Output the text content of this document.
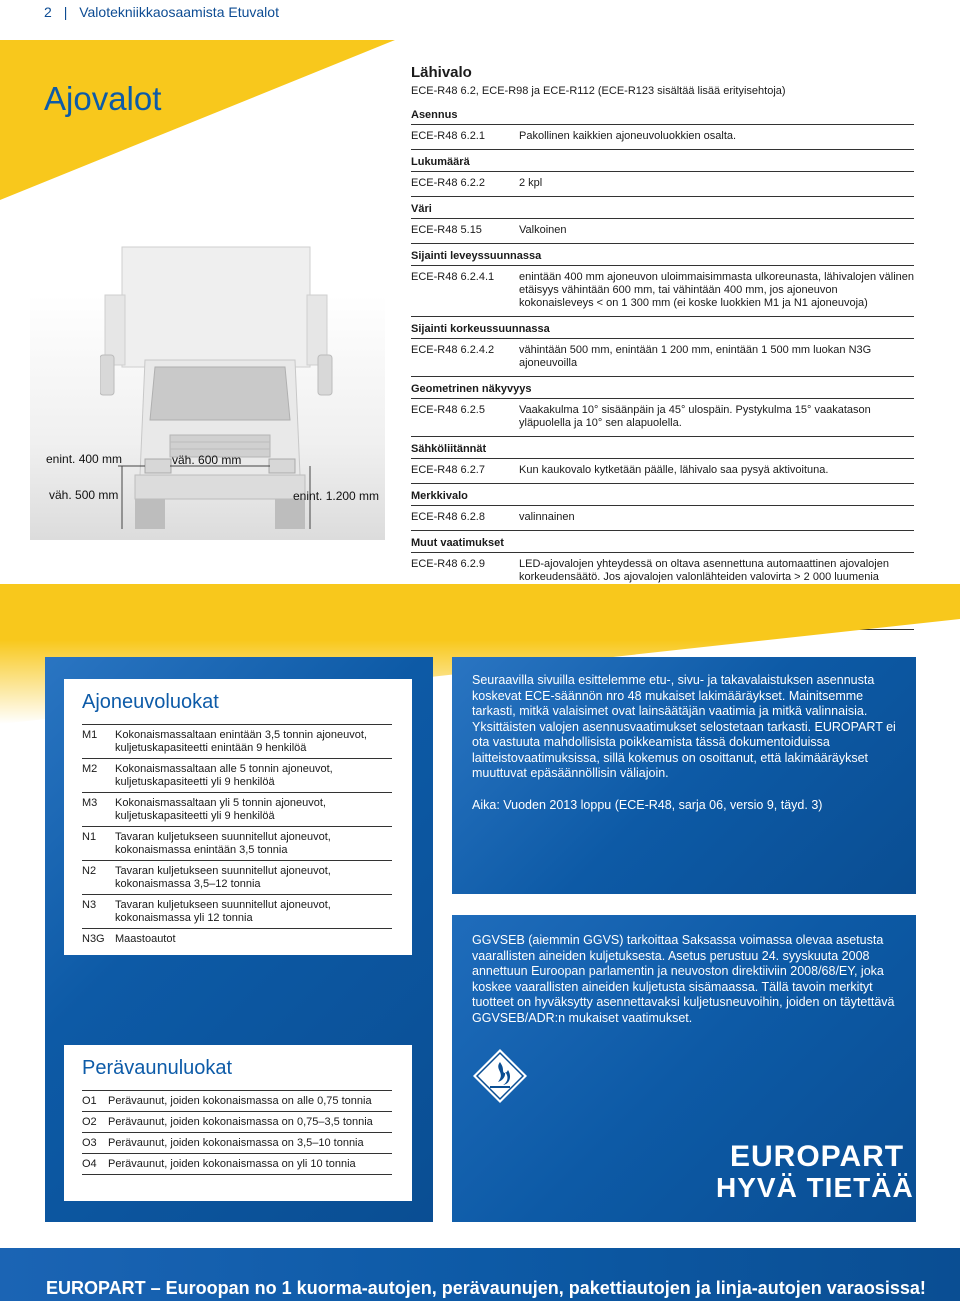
2 | Valotekniikkaosaamista Etuvalot
Ajovalot
enint. 400 mm
väh. 500 mm
väh. 600 mm
enint. 1.200 mm
Lähivalo
ECE-R48 6.2, ECE-R98 ja ECE-R112 (ECE-R123 sisältää lisää erityisehtoja)
Asennus
ECE-R48 6.2.1	Pakollinen kaikkien ajoneuvoluokkien osalta.
Lukumäärä
ECE-R48 6.2.2	2 kpl
Väri
ECE-R48 5.15	Valkoinen
Sijainti leveyssuunnassa
ECE-R48 6.2.4.1	enintään 400 mm ajoneuvon uloimmaisimmasta ulkoreunasta, lähivalojen välinen etäisyys vähintään 600 mm, tai vähintään 400 mm, jos ajoneuvon kokonaisleveys < on 1 300 mm (ei koske luokkien M1 ja N1 ajoneuvoja)
Sijainti korkeussuunnassa
ECE-R48 6.2.4.2	vähintään 500 mm, enintään 1 200 mm, enintään 1 500 mm luokan N3G ajoneuvoilla
Geometrinen näkyvyys
ECE-R48 6.2.5	Vaakakulma 10° sisäänpäin ja 45° ulospäin. Pystykulma 15° vaakatason yläpuolella ja 10° sen alapuolella.
Sähköliitännät
ECE-R48 6.2.7	Kun kaukovalo kytketään päälle, lähivalo saa pysyä aktivoituna.
Merkkivalo
ECE-R48 6.2.8	valinnainen
Muut vaatimukset
ECE-R48 6.2.9	LED-ajovalojen yhteydessä on oltava asennettuna automaattinen ajovalojen korkeudensäätö. Jos ajovalojen valonlähteiden valovirta > 2 000 luumenia
Ajoneuvoluokat
M1	Kokonaismassaltaan enintään 3,5 tonnin ajoneuvot, kuljetuskapasiteetti enintään 9 henkilöä
M2	Kokonaismassaltaan alle 5 tonnin ajoneuvot, kuljetuskapasiteetti yli 9 henkilöä
M3	Kokonaismassaltaan yli 5 tonnin ajoneuvot, kuljetuskapasiteetti yli 9 henkilöä
N1	Tavaran kuljetukseen suunnitellut ajoneuvot, kokonaismassa enintään 3,5 tonnia
N2	Tavaran kuljetukseen suunnitellut ajoneuvot, kokonaismassa 3,5–12 tonnia
N3	Tavaran kuljetukseen suunnitellut ajoneuvot, kokonaismassa yli 12 tonnia
N3G Maastoautot
Perävaunuluokat
O1	Perävaunut, joiden kokonaismassa on alle 0,75 tonnia
O2	Perävaunut, joiden kokonaismassa on 0,75–3,5 tonnia
O3	Perävaunut, joiden kokonaismassa on 3,5–10 tonnia
O4	Perävaunut, joiden kokonaismassa on yli 10 tonnia
Seuraavilla sivuilla esittelemme etu-, sivu- ja takavalaistuksen asennusta koskevat ECE-säännön nro 48 mukaiset lakimääräykset. Mainitsemme tarkasti, mitkä valaisimet ovat lainsäätäjän vaatimia ja mitkä valinnaisia. Yksittäisten valojen asennusvaatimukset selostetaan tarkasti. EUROPART ei ota vastuuta mahdollisista poikkeamista tässä dokumentoiduissa laitteistovaatimuksissa, sillä kokemus on osoittanut, että lakimääräykset muuttuvat epäsäännöllisin väliajoin.
Aika: Vuoden 2013 loppu (ECE-R48, sarja 06, versio 9, täyd. 3)
GGVSEB (aiemmin GGVS) tarkoittaa Saksassa voimassa olevaa asetusta vaarallisten aineiden kuljetuksesta. Asetus perustuu 24. syyskuuta 2008 annettuun Euroopan parlamentin ja neuvoston direktiiviin 2008/68/EY, joka koskee vaarallisten aineiden kuljetusta sisämaassa. Tällä tavoin merkityt tuotteet on hyväksytty asennettavaksi kuljetusneuvoihin, joiden on täytettävä GGVSEB/ADR:n mukaiset vaatimukset.
EUROPART
HYVÄ TIETÄÄ
EUROPART – Euroopan no 1 kuorma-autojen, perävaunujen, pakettiautojen ja linja-autojen varaosissa!
